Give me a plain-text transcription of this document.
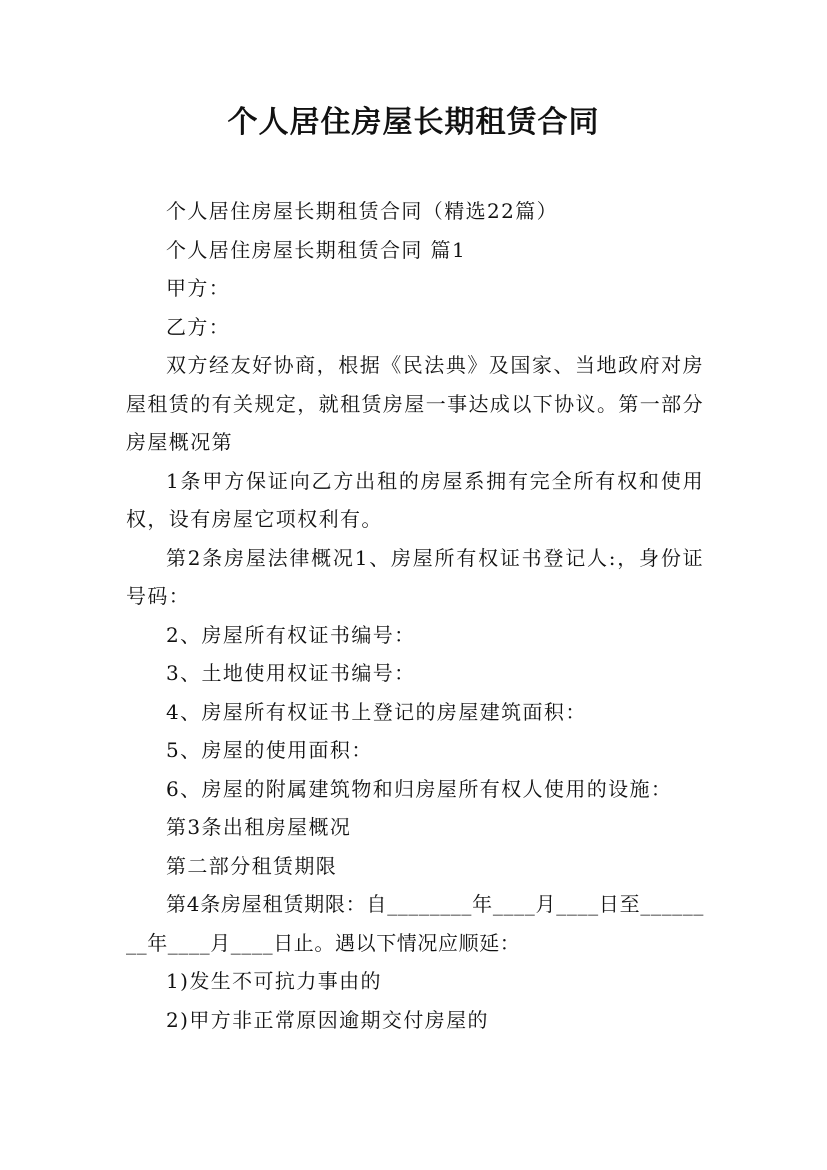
个人居住房屋长期租赁合同

个人居住房屋长期租赁合同（精选22篇）

个人居住房屋长期租赁合同 篇1

甲方：

乙方：

双方经友好协商，根据《民法典》及国家、当地政府对房屋租赁的有关规定，就租赁房屋一事达成以下协议。第一部分房屋概况第

1条甲方保证向乙方出租的房屋系拥有完全所有权和使用权，设有房屋它项权利有。

第2条房屋法律概况1、房屋所有权证书登记人:，身份证号码：

2、房屋所有权证书编号：

3、土地使用权证书编号：

4、房屋所有权证书上登记的房屋建筑面积：

5、房屋的使用面积：

6、房屋的附属建筑物和归房屋所有权人使用的设施：

第3条出租房屋概况

第二部分租赁期限

第4条房屋租赁期限：自________年____月____日至________年____月____日止。遇以下情况应顺延：

1)发生不可抗力事由的

2)甲方非正常原因逾期交付房屋的
